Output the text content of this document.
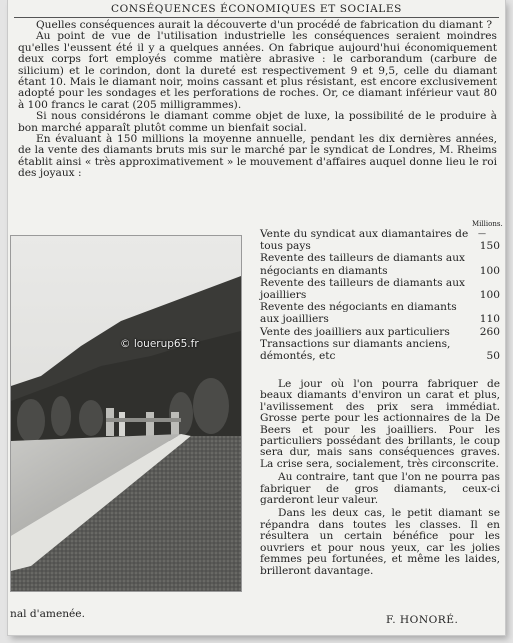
CONSÉQUENCES ÉCONOMIQUES ET SOCIALES

Quelles conséquences aurait la découverte d'un procédé de fabrication du diamant ?

Au point de vue de l'utilisation industrielle les conséquences seraient moindres qu'elles l'eussent été il y a quelques années. On fabrique aujourd'hui économiquement deux corps fort employés comme matière abrasive : le carborandum (carbure de silicium) et le corindon, dont la dureté est respectivement 9 et 9,5, celle du diamant étant 10. Mais le diamant noir, moins cassant et plus résistant, est encore exclusivement adopté pour les sondages et les perforations de roches. Or, ce diamant inférieur vaut 80 à 100 francs le carat (205 milligrammes).

Si nous considérons le diamant comme objet de luxe, la possibilité de le produire à bon marché apparaît plutôt comme un bienfait social.

En évaluant à 150 millions la moyenne annuelle, pendant les dix dernières années, de la vente des diamants bruts mis sur le marché par le syndicat de Londres, M. Rheims établit ainsi « très approximativement » le mouvement d'affaires auquel donne lieu le roi des joyaux :

© louerup65.fr
Millions.
—
Vente du syndicat aux diamantaires de tous pays	150
Revente des tailleurs de diamants aux négociants en diamants	100
Revente des tailleurs de diamants aux joailliers	100
Revente des négociants en diamants aux joailliers	110
Vente des joailliers aux particuliers	260
Transactions sur diamants anciens, démontés, etc	50

Le jour où l'on pourra fabriquer de beaux diamants d'environ un carat et plus, l'avilissement des prix sera immédiat. Grosse perte pour les actionnaires de la De Beers et pour les joailliers. Pour les particuliers possédant des brillants, le coup sera dur, mais sans conséquences graves. La crise sera, socialement, très circonscrite.

Au contraire, tant que l'on ne pourra pas fabriquer de gros diamants, ceux-ci garderont leur valeur.

Dans les deux cas, le petit diamant se répandra dans toutes les classes. Il en résultera un certain bénéfice pour les ouvriers et pour nous yeux, car les jolies femmes peu fortunées, et même les laides, brilleront davantage.

nal d'amenée.	F. HONORÉ.
